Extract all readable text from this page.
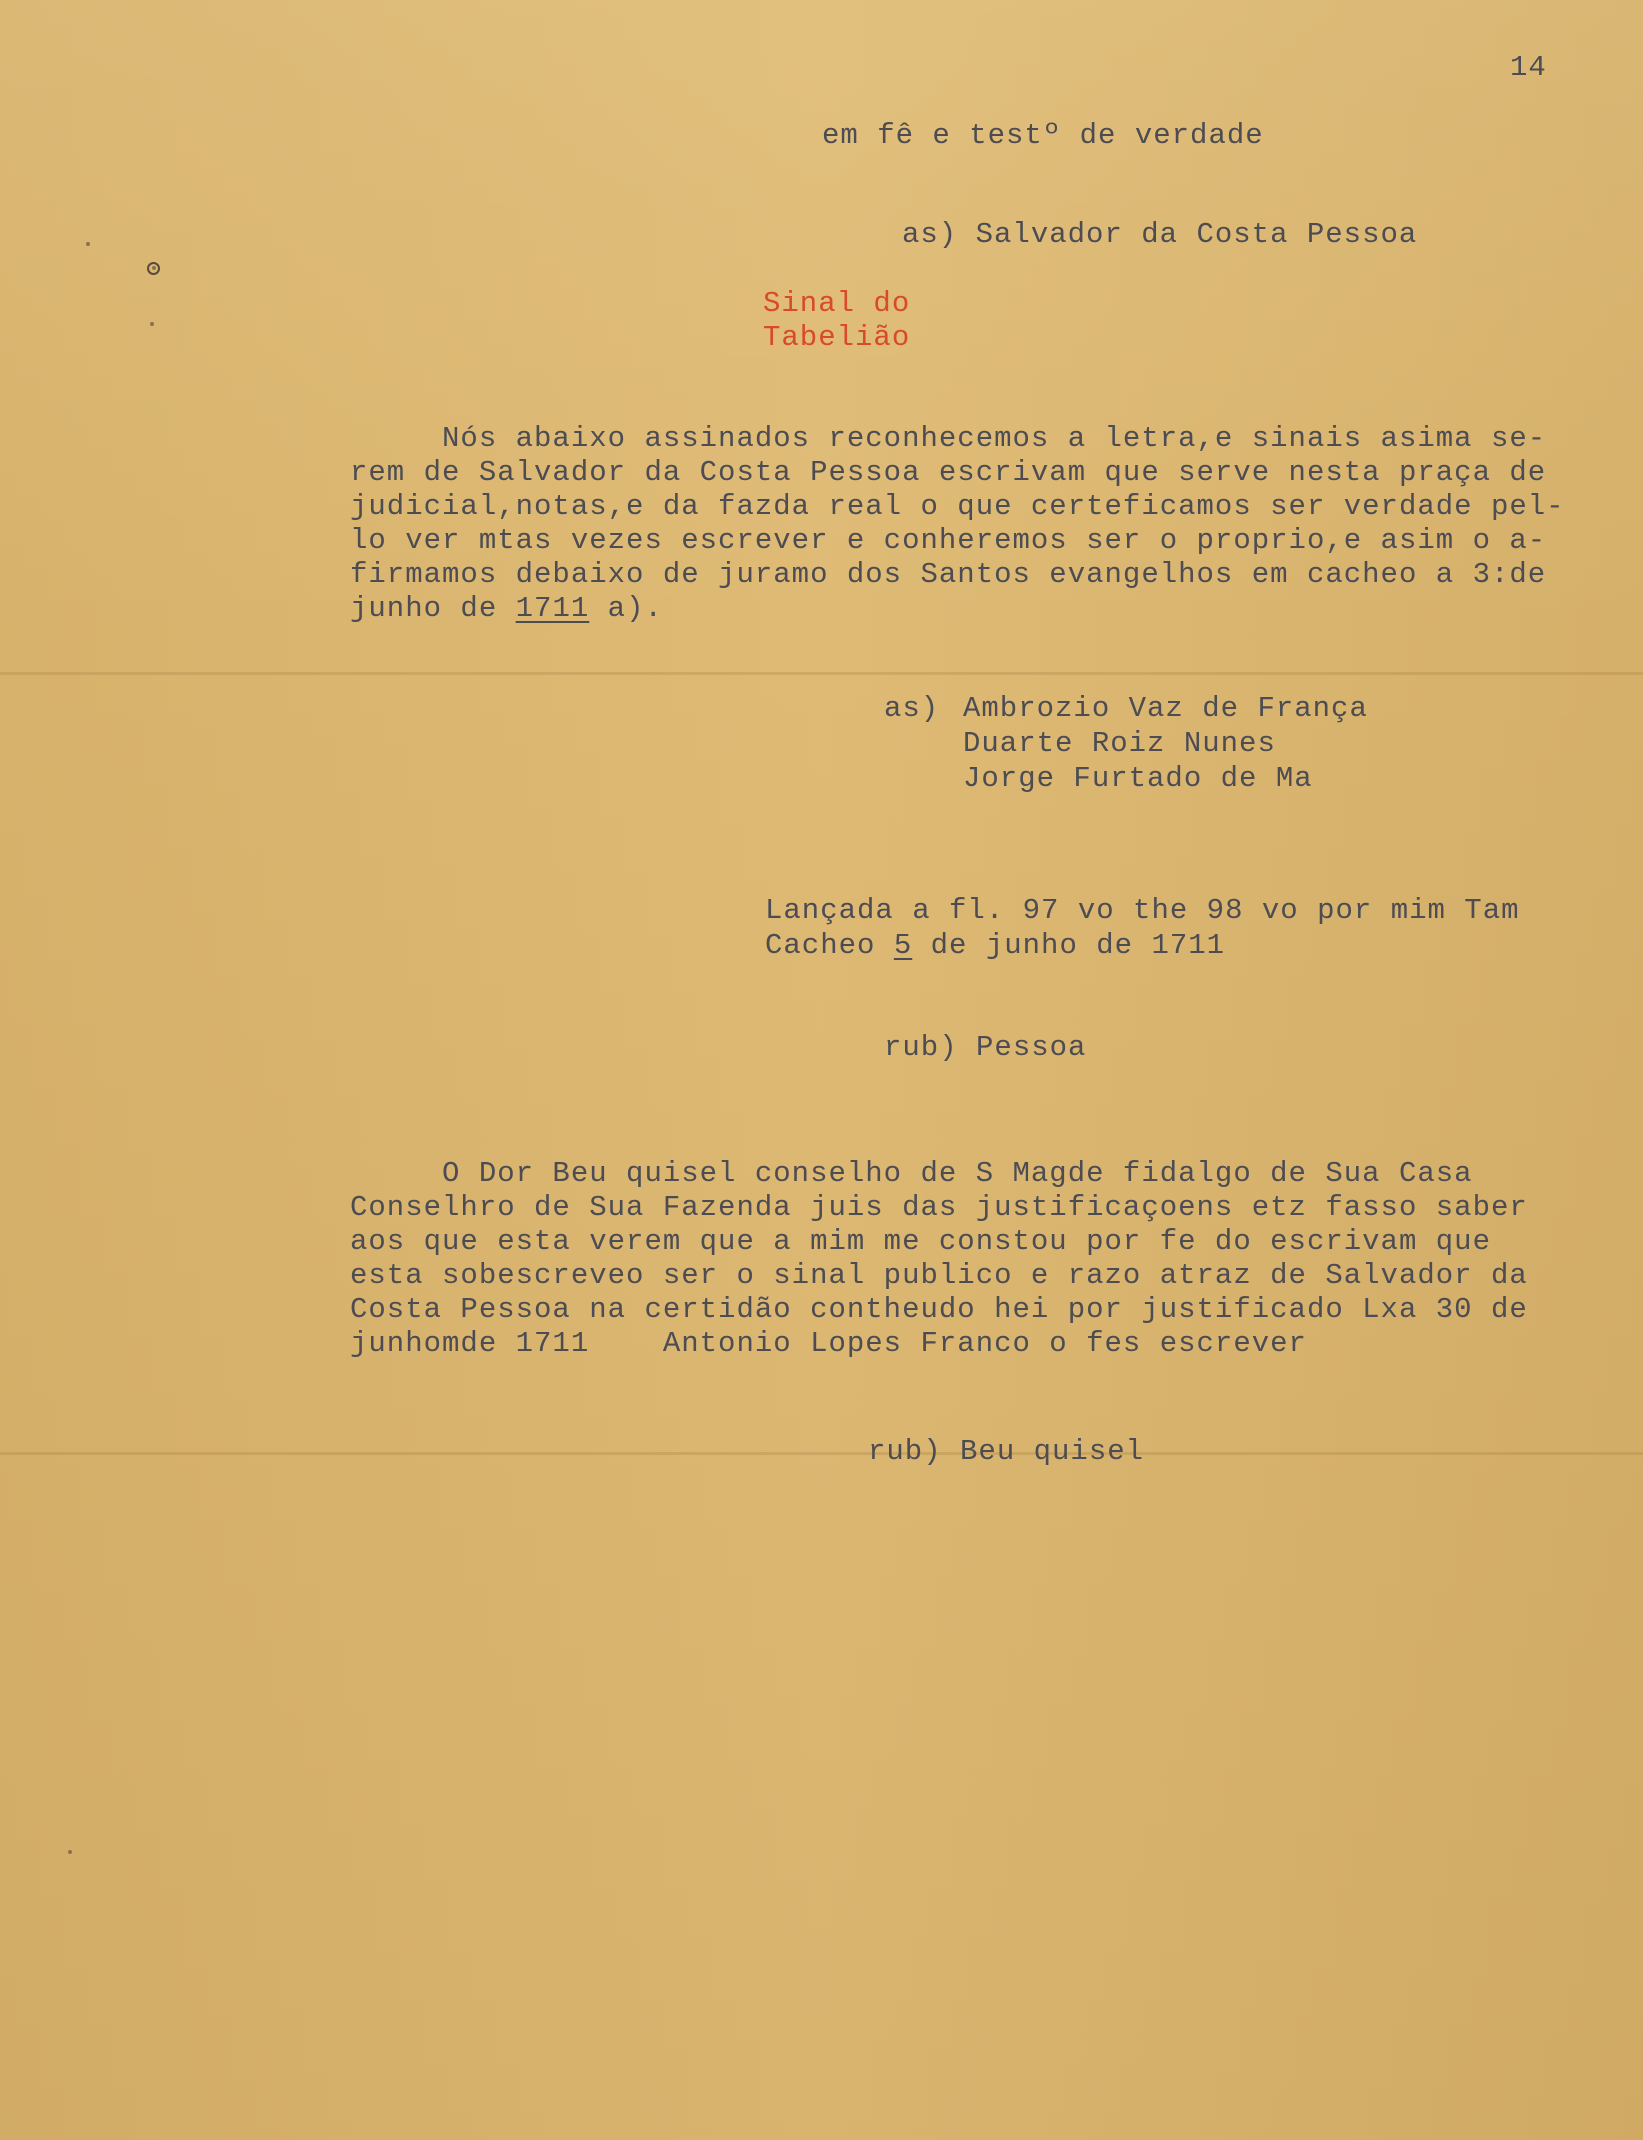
14
em fê e testº de verdade
as) Salvador da Costa Pessoa
Sinal do
Tabelião
Nós abaixo assinados reconhecemos a letra,e sinais asima se-
rem de Salvador da Costa Pessoa escrivam que serve nesta praça de
judicial,notas,e da fazda real o que certeficamos ser verdade pel-
lo ver mtas vezes escrever e conheremos ser o proprio,e asim o a-
firmamos debaixo de juramo dos Santos evangelhos em cacheo a 3:de
junho de 1711 a).
as) Ambrozio Vaz de França
Duarte Roiz Nunes
Jorge Furtado de Ma
Lançada a fl. 97 vo the 98 vo por mim Tam
Cacheo 5 de junho de 1711
rub) Pessoa
O Dor Beu quisel conselho de S Magde fidalgo de Sua Casa
Conselhro de Sua Fazenda juis das justificaçoens etz fasso saber
aos que esta verem que a mim me constou por fe do escrivam que
esta sobescreveo ser o sinal publico e razo atraz de Salvador da
Costa Pessoa na certidão contheudo hei por justificado Lxa 30 de
junhomde 1711    Antonio Lopes Franco o fes escrever
rub) Beu quisel
